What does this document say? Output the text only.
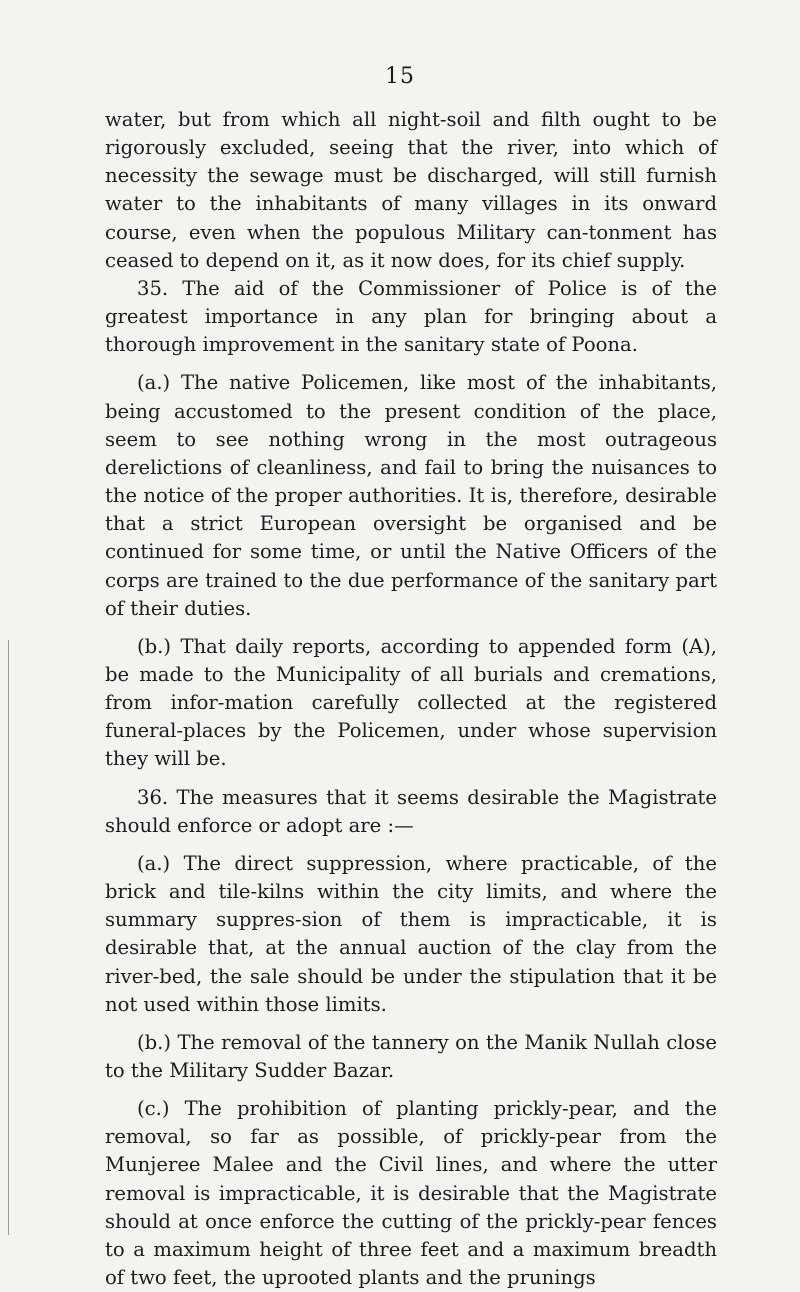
15

water, but from which all night-soil and filth ought to be rigorously excluded, seeing that the river, into which of necessity the sewage must be discharged, will still furnish water to the inhabitants of many villages in its onward course, even when the populous Military can-tonment has ceased to depend on it, as it now does, for its chief supply.

35. The aid of the Commissioner of Police is of the greatest importance in any plan for bringing about a thorough improvement in the sanitary state of Poona.

(a.) The native Policemen, like most of the inhabitants, being accustomed to the present condition of the place, seem to see nothing wrong in the most outrageous derelictions of cleanliness, and fail to bring the nuisances to the notice of the proper authorities. It is, therefore, desirable that a strict European oversight be organised and be continued for some time, or until the Native Officers of the corps are trained to the due performance of the sanitary part of their duties.

(b.) That daily reports, according to appended form (A), be made to the Municipality of all burials and cremations, from infor-mation carefully collected at the registered funeral-places by the Policemen, under whose supervision they will be.

36. The measures that it seems desirable the Magistrate should enforce or adopt are :—

(a.) The direct suppression, where practicable, of the brick and tile-kilns within the city limits, and where the summary suppres-sion of them is impracticable, it is desirable that, at the annual auction of the clay from the river-bed, the sale should be under the stipulation that it be not used within those limits.

(b.) The removal of the tannery on the Manik Nullah close to the Military Sudder Bazar.

(c.) The prohibition of planting prickly-pear, and the removal, so far as possible, of prickly-pear from the Munjeree Malee and the Civil lines, and where the utter removal is impracticable, it is desirable that the Magistrate should at once enforce the cutting of the prickly-pear fences to a maximum height of three feet and a maximum breadth of two feet, the uprooted plants and the prunings
